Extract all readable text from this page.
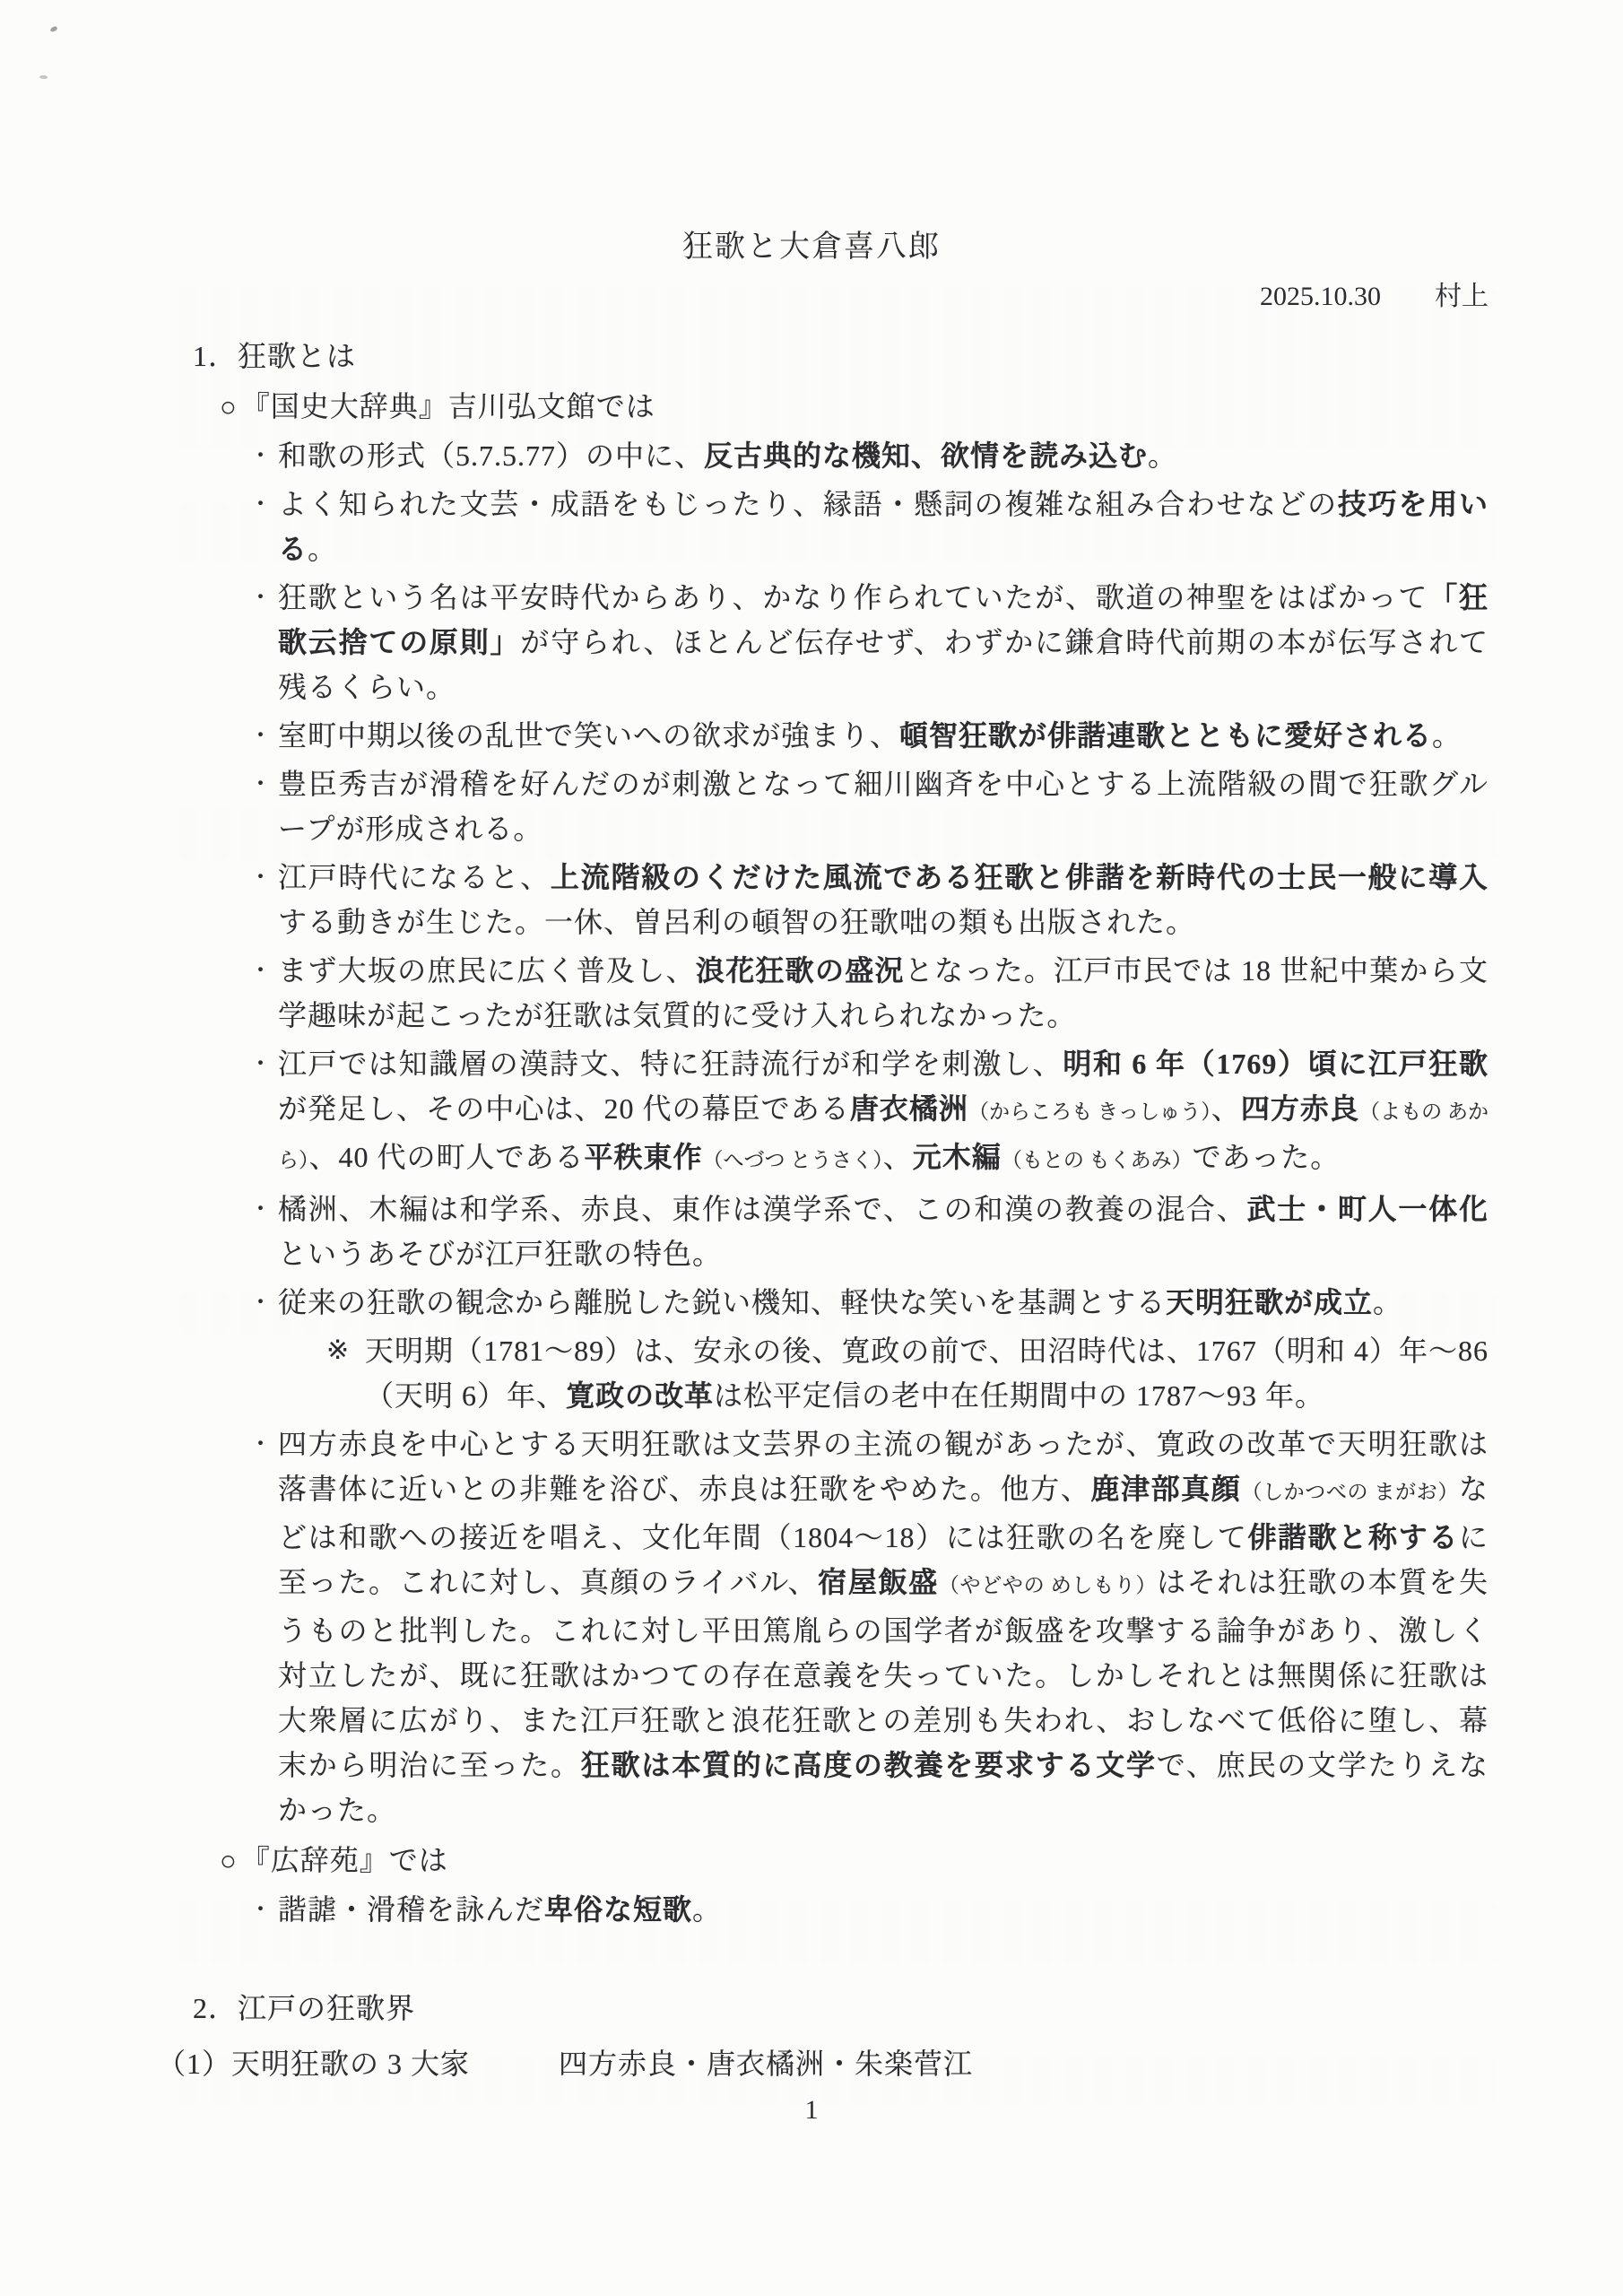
狂歌と大倉喜八郎

2025.10.30　　村上

1．狂歌とは

○ 『国史大辞典』吉川弘文館では

・ 和歌の形式（5.7.5.77）の中に、反古典的な機知、欲情を読み込む。

・ よく知られた文芸・成語をもじったり、縁語・懸詞の複雑な組み合わせなどの技巧を用いる。

・ 狂歌という名は平安時代からあり、かなり作られていたが、歌道の神聖をはばかって「狂歌云捨ての原則」が守られ、ほとんど伝存せず、わずかに鎌倉時代前期の本が伝写されて残るくらい。

・ 室町中期以後の乱世で笑いへの欲求が強まり、頓智狂歌が俳諧連歌とともに愛好される。

・ 豊臣秀吉が滑稽を好んだのが刺激となって細川幽斉を中心とする上流階級の間で狂歌グループが形成される。

・ 江戸時代になると、上流階級のくだけた風流である狂歌と俳諧を新時代の士民一般に導入する動きが生じた。一休、曽呂利の頓智の狂歌咄の類も出版された。

・ まず大坂の庶民に広く普及し、浪花狂歌の盛況となった。江戸市民では 18 世紀中葉から文学趣味が起こったが狂歌は気質的に受け入れられなかった。

・ 江戸では知識層の漢詩文、特に狂詩流行が和学を刺激し、明和 6 年（1769）頃に江戸狂歌が発足し、その中心は、20 代の幕臣である唐衣橘洲（からころも きっしゅう）、四方赤良（よもの あから）、40 代の町人である平秩東作（へづつ とうさく）、元木編（もとの もくあみ）であった。

・ 橘洲、木編は和学系、赤良、東作は漢学系で、この和漢の教養の混合、武士・町人一体化というあそびが江戸狂歌の特色。

・ 従来の狂歌の観念から離脱した鋭い機知、軽快な笑いを基調とする天明狂歌が成立。

※ 天明期（1781～89）は、安永の後、寛政の前で、田沼時代は、1767（明和 4）年～86（天明 6）年、寛政の改革は松平定信の老中在任期間中の 1787～93 年。

・ 四方赤良を中心とする天明狂歌は文芸界の主流の観があったが、寛政の改革で天明狂歌は落書体に近いとの非難を浴び、赤良は狂歌をやめた。他方、鹿津部真顔（しかつべの まがお）などは和歌への接近を唱え、文化年間（1804～18）には狂歌の名を廃して俳諧歌と称するに至った。これに対し、真顔のライバル、宿屋飯盛（やどやの めしもり）はそれは狂歌の本質を失うものと批判した。これに対し平田篤胤らの国学者が飯盛を攻撃する論争があり、激しく対立したが、既に狂歌はかつての存在意義を失っていた。しかしそれとは無関係に狂歌は大衆層に広がり、また江戸狂歌と浪花狂歌との差別も失われ、おしなべて低俗に堕し、幕末から明治に至った。狂歌は本質的に高度の教養を要求する文学で、庶民の文学たりえなかった。

○ 『広辞苑』では

・ 諧謔・滑稽を詠んだ卑俗な短歌。

2．江戸の狂歌界

（1）天明狂歌の 3 大家　　　四方赤良・唐衣橘洲・朱楽菅江

1
